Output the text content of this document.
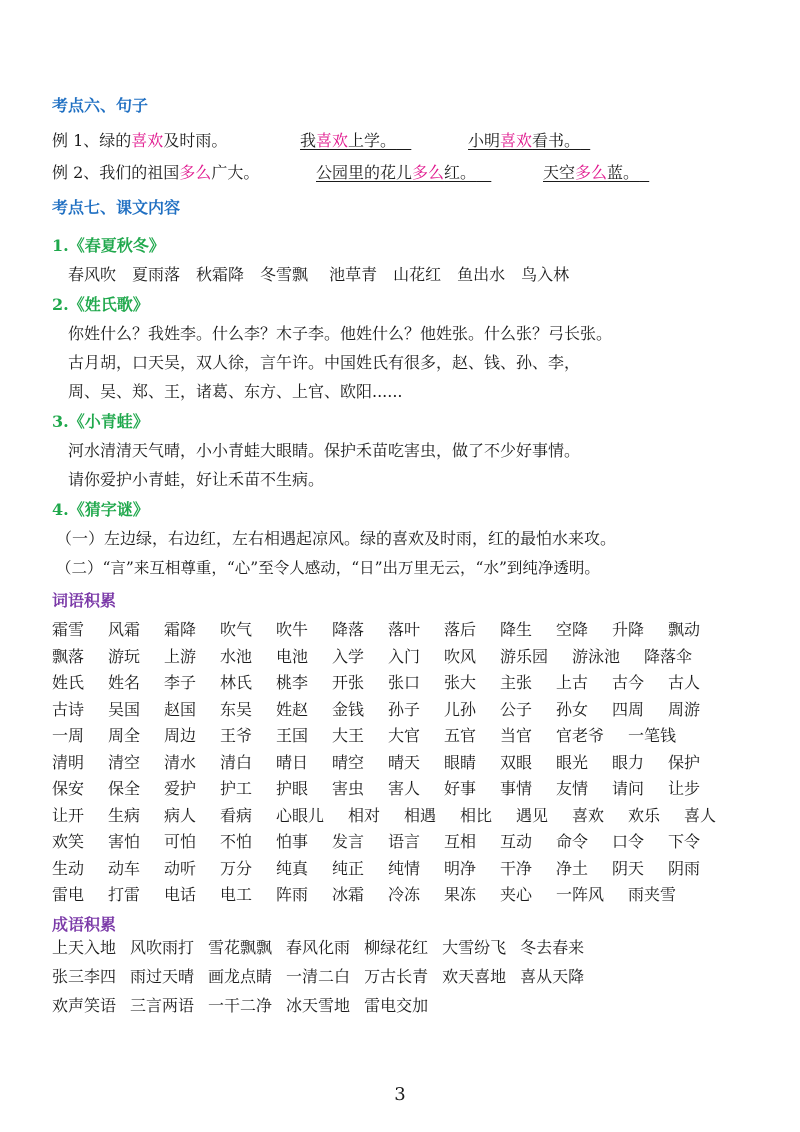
考点六、句子
例 1、绿的喜欢及时雨。	我喜欢上学。	小明喜欢看书。
例 2、我们的祖国多么广大。	公园里的花儿多么红。	天空多么蓝。
考点七、课文内容
1.《春夏秋冬》
春风吹　夏雨落　秋霜降　冬雪飘　 池草青　山花红　鱼出水　鸟入林
2.《姓氏歌》
你姓什么？我姓李。什么李？木子李。他姓什么？他姓张。什么张？弓长张。
古月胡，口天吴，双人徐，言午许。中国姓氏有很多，赵、钱、孙、李，
周、吴、郑、王，诸葛、东方、上官、欧阳......
3.《小青蛙》
河水清清天气晴，小小青蛙大眼睛。保护禾苗吃害虫，做了不少好事情。
请你爱护小青蛙，好让禾苗不生病。
4.《猜字谜》
（一）左边绿，右边红，左右相遇起凉风。绿的喜欢及时雨，红的最怕水来攻。
（二）“言”来互相尊重，“心”至令人感动，“日”出万里无云，“水”到纯净透明。
词语积累
霜雪 风霜 霜降 吹气 吹牛 降落 落叶 落后 降生 空降 升降 飘动
飘落 游玩 上游 水池 电池 入学 入门 吹风 游乐园 游泳池 降落伞
姓氏 姓名 李子 林氏 桃李 开张 张口 张大 主张 上古 古今 古人
古诗 吴国 赵国 东吴 姓赵 金钱 孙子 儿孙 公子 孙女 四周 周游
一周 周全 周边 王爷 王国 大王 大官 五官 当官 官老爷 一笔钱
清明 清空 清水 清白 晴日 晴空 晴天 眼睛 双眼 眼光 眼力 保护
保安 保全 爱护 护工 护眼 害虫 害人 好事 事情 友情 请问 让步
让开 生病 病人 看病 心眼儿 相对 相遇 相比 遇见 喜欢 欢乐 喜人
欢笑 害怕 可怕 不怕 怕事 发言 语言 互相 互动 命令 口令 下令
生动 动车 动听 万分 纯真 纯正 纯情 明净 干净 净土 阴天 阴雨
雷电 打雷 电话 电工 阵雨 冰霜 冷冻 果冻 夹心 一阵风 雨夹雪
成语积累
上天入地 风吹雨打 雪花飘飘 春风化雨 柳绿花红 大雪纷飞 冬去春来
张三李四 雨过天晴 画龙点睛 一清二白 万古长青 欢天喜地 喜从天降
欢声笑语 三言两语 一干二净 冰天雪地 雷电交加
3
